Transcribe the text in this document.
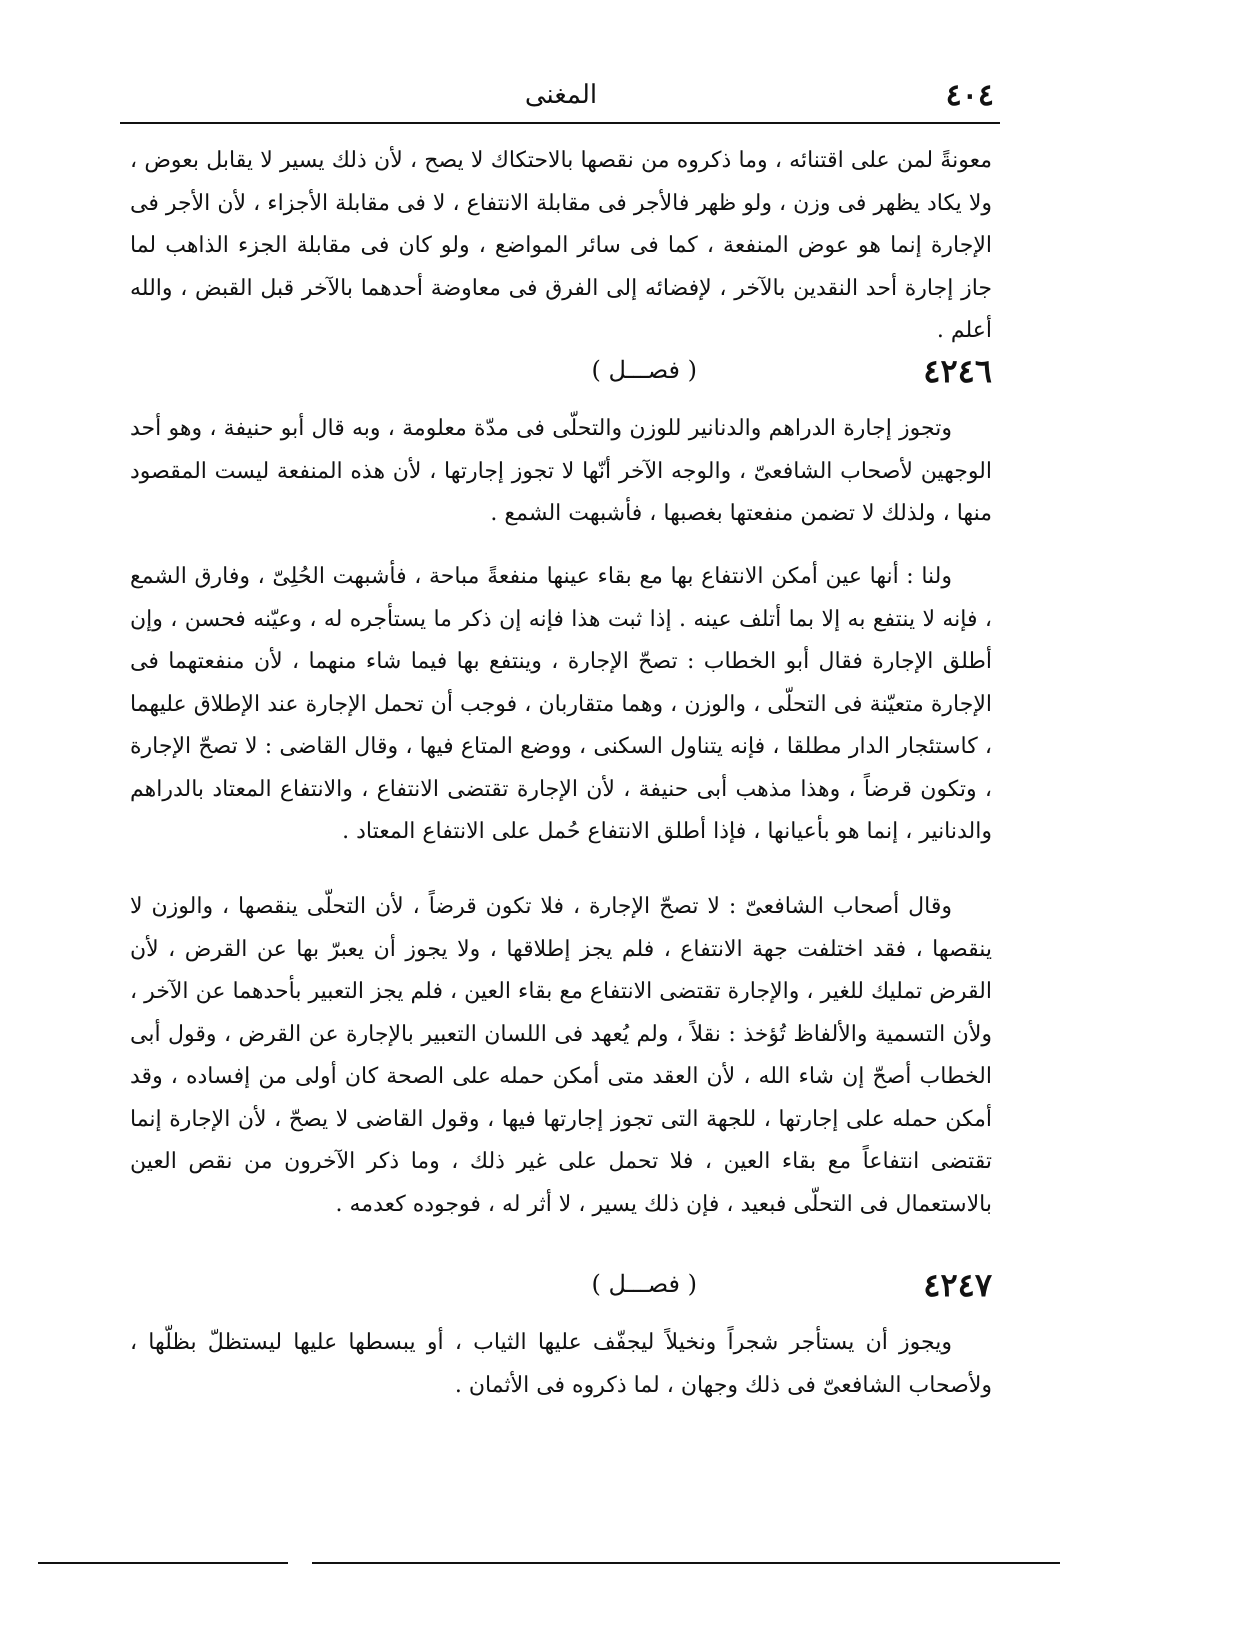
٤٠٤
المغنى

معونةً لمن على اقتنائه ، وما ذكروه من نقصها بالاحتكاك لا يصح ، لأن ذلك يسير لا يقابل بعوض ، ولا يكاد يظهر فى وزن ، ولو ظهر فالأجر فى مقابلة الانتفاع ، لا فى مقابلة الأجزاء ، لأن الأجر فى الإجارة إنما هو عوض المنفعة ، كما فى سائر المواضع ، ولو كان فى مقابلة الجزء الذاهب لما جاز إجارة أحد النقدين بالآخر ، لإفضائه إلى الفرق فى معاوضة أحدهما بالآخر قبل القبض ، والله أعلم .

٤٢٤٦
( فصـــل )

وتجوز إجارة الدراهم والدنانير للوزن والتحلّى فى مدّة معلومة ، وبه قال أبو حنيفة ، وهو أحد الوجهين لأصحاب الشافعىّ ، والوجه الآخر أنّها لا تجوز إجارتها ، لأن هذه المنفعة ليست المقصود منها ، ولذلك لا تضمن منفعتها بغصبها ، فأشبهت الشمع .

ولنا : أنها عين أمكن الانتفاع بها مع بقاء عينها منفعةً مباحة ، فأشبهت الحُلِىّ ، وفارق الشمع ، فإنه لا ينتفع به إلا بما أتلف عينه . إذا ثبت هذا فإنه إن ذكر ما يستأجره له ، وعيّنه فحسن ، وإن أطلق الإجارة فقال أبو الخطاب : تصحّ الإجارة ، وينتفع بها فيما شاء منهما ، لأن منفعتهما فى الإجارة متعيّنة فى التحلّى ، والوزن ، وهما متقاربان ، فوجب أن تحمل الإجارة عند الإطلاق عليهما ، كاستئجار الدار مطلقا ، فإنه يتناول السكنى ، ووضع المتاع فيها ، وقال القاضى : لا تصحّ الإجارة ، وتكون قرضاً ، وهذا مذهب أبى حنيفة ، لأن الإجارة تقتضى الانتفاع ، والانتفاع المعتاد بالدراهم والدنانير ، إنما هو بأعيانها ، فإذا أطلق الانتفاع حُمل على الانتفاع المعتاد .

وقال أصحاب الشافعىّ : لا تصحّ الإجارة ، فلا تكون قرضاً ، لأن التحلّى ينقصها ، والوزن لا ينقصها ، فقد اختلفت جهة الانتفاع ، فلم يجز إطلاقها ، ولا يجوز أن يعبرّ بها عن القرض ، لأن القرض تمليك للغير ، والإجارة تقتضى الانتفاع مع بقاء العين ، فلم يجز التعبير بأحدهما عن الآخر ، ولأن التسمية والألفاظ تُؤخذ : نقلاً ، ولم يُعهد فى اللسان التعبير بالإجارة عن القرض ، وقول أبى الخطاب أصحّ إن شاء الله ، لأن العقد متى أمكن حمله على الصحة كان أولى من إفساده ، وقد أمكن حمله على إجارتها ، للجهة التى تجوز إجارتها فيها ، وقول القاضى لا يصحّ ، لأن الإجارة إنما تقتضى انتفاعاً مع بقاء العين ، فلا تحمل على غير ذلك ، وما ذكر الآخرون من نقص العين بالاستعمال فى التحلّى فبعيد ، فإن ذلك يسير ، لا أثر له ، فوجوده كعدمه .

٤٢٤٧
( فصـــل )

ويجوز أن يستأجر شجراً ونخيلاً ليجفّف عليها الثياب ، أو يبسطها عليها ليستظلّ بظلّها ، ولأصحاب الشافعىّ فى ذلك وجهان ، لما ذكروه فى الأثمان .
